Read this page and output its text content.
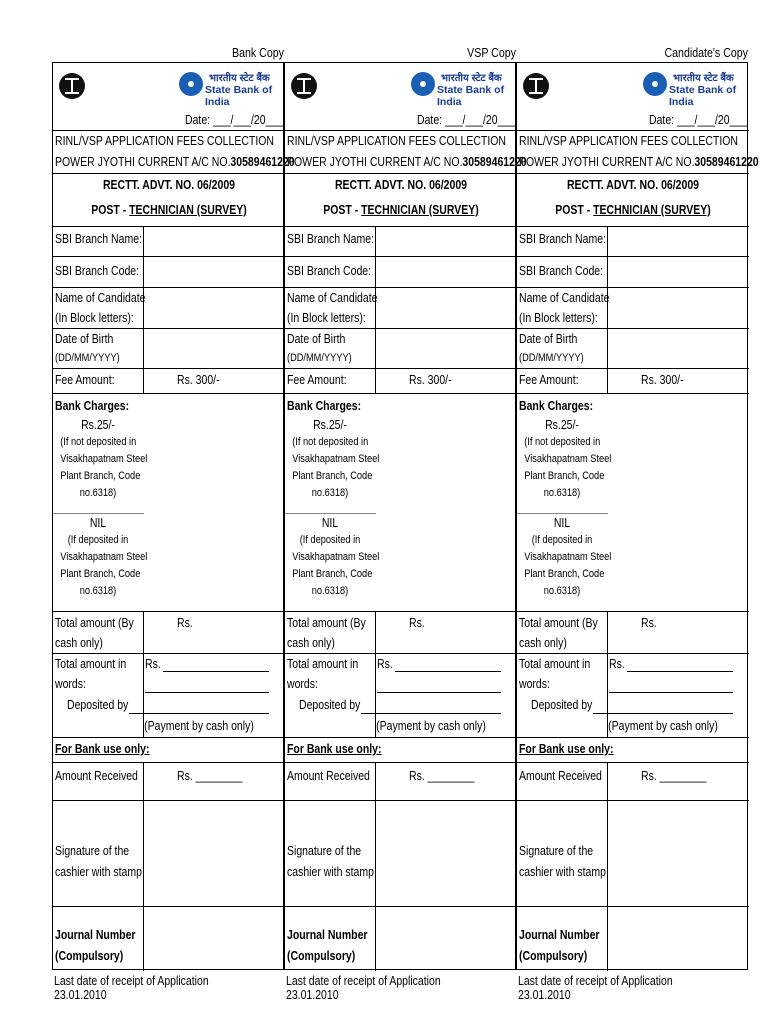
Bank Copy	VSP Copy	Candidate's Copy
भारतीय स्टेट बैंक
State Bank of India
Date: ___/___/20___
RINL/VSP APPLICATION FEES COLLECTION
POWER JYOTHI CURRENT A/C NO.30589461220
RECTT. ADVT. NO. 06/2009
POST - TECHNICIAN (SURVEY)
SBI Branch Name:
SBI Branch Code:
Name of Candidate
(In Block letters):
Date of Birth
(DD/MM/YYYY)
Fee Amount:	Rs. 300/-
Bank Charges:
Rs.25/-
(If not deposited in
Visakhapatnam Steel
Plant Branch, Code
no.6318)
NIL
(If deposited in
Visakhapatnam Steel
Plant Branch, Code
no.6318)
Total amount (By
cash only)
Rs.
Total amount in
words:
Rs.
Deposited by
(Payment by cash only)
For Bank use only:
Amount Received	Rs. ________
Signature of the
cashier with stamp
Journal Number
(Compulsory)
Last date of receipt of Application 23.01.2010
भारतीय स्टेट बैंक
State Bank of India
Date: ___/___/20___
RINL/VSP APPLICATION FEES COLLECTION
POWER JYOTHI CURRENT A/C NO.30589461220
RECTT. ADVT. NO. 06/2009
POST - TECHNICIAN (SURVEY)
SBI Branch Name:
SBI Branch Code:
Name of Candidate
(In Block letters):
Date of Birth
(DD/MM/YYYY)
Fee Amount:	Rs. 300/-
Bank Charges:
Rs.25/-
(If not deposited in
Visakhapatnam Steel
Plant Branch, Code
no.6318)
NIL
(If deposited in
Visakhapatnam Steel
Plant Branch, Code
no.6318)
Total amount (By
cash only)
Rs.
Total amount in
words:
Rs.
Deposited by
(Payment by cash only)
For Bank use only:
Amount Received	Rs. ________
Signature of the
cashier with stamp
Journal Number
(Compulsory)
Last date of receipt of Application 23.01.2010
भारतीय स्टेट बैंक
State Bank of India
Date: ___/___/20___
RINL/VSP APPLICATION FEES COLLECTION
POWER JYOTHI CURRENT A/C NO.30589461220
RECTT. ADVT. NO. 06/2009
POST - TECHNICIAN (SURVEY)
SBI Branch Name:
SBI Branch Code:
Name of Candidate
(In Block letters):
Date of Birth
(DD/MM/YYYY)
Fee Amount:	Rs. 300/-
Bank Charges:
Rs.25/-
(If not deposited in
Visakhapatnam Steel
Plant Branch, Code
no.6318)
NIL
(If deposited in
Visakhapatnam Steel
Plant Branch, Code
no.6318)
Total amount (By
cash only)
Rs.
Total amount in
words:
Rs.
Deposited by
(Payment by cash only)
For Bank use only:
Amount Received	Rs. ________
Signature of the
cashier with stamp
Journal Number
(Compulsory)
Last date of receipt of Application 23.01.2010
